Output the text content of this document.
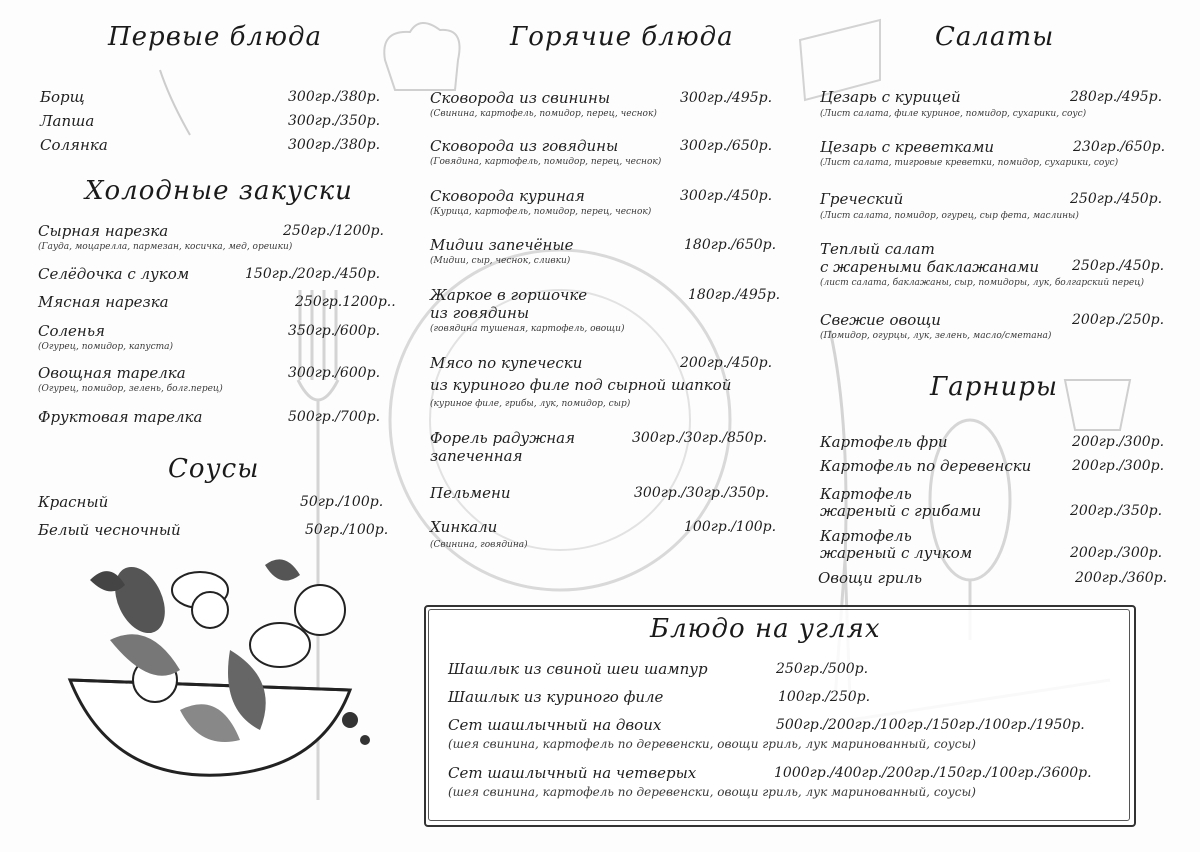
Первые блюда
Борщ	300гр./380р.
Лапша	300гр./350р.
Солянка	300гр./380р.
Холодные закуски
Сырная нарезка	250гр./1200р.
(Гауда, моцарелла, пармезан, косичка, мед, орешки)
Селёдочка с луком	150гр./20гр./450р.
Мясная нарезка	250гр.1200р..
Соленья	350гр./600р.
(Огурец, помидор, капуста)
Овощная тарелка	300гр./600р.
(Огурец, помидор, зелень, болг.перец)
Фруктовая тарелка	500гр./700р.
Соусы
Красный	50гр./100р.
Белый чесночный	50гр./100р.
Горячие блюда
Сковорода из свинины	300гр./495р.
(Свинина, картофель, помидор, перец, чеснок)
Сковорода из говядины	300гр./650р.
(Говядина, картофель, помидор, перец, чеснок)
Сковорода куриная	300гр./450р.
(Курица, картофель, помидор, перец, чеснок)
Мидии запечёные	180гр./650р.
(Мидии, сыр, чеснок, сливки)
Жаркое в горшочке	180гр./495р.
из говядины
(говядина тушеная, картофель, овощи)
Мясо по купечески	200гр./450р.
из куриного филе под сырной шапкой
(куриное филе, грибы, лук, помидор, сыр)
Форель радужная	300гр./30гр./850р.
запеченная
Пельмени	300гр./30гр./350р.
Хинкали	100гр./100р.
(Свинина, говядина)
Салаты
Цезарь с курицей	280гр./495р.
(Лист салата, филе куриное, помидор, сухарики, соус)
Цезарь с креветками	230гр./650р.
(Лист салата, тигровые креветки, помидор, сухарики, соус)
Греческий	250гр./450р.
(Лист салата, помидор, огурец, сыр фета, маслины)
Теплый салат
с жареными баклажанами 250гр./450р.
(лист салата, баклажаны, сыр, помидоры, лук, болгарский перец)
Свежие овощи	200гр./250р.
(Помидор, огурцы, лук, зелень, масло/сметана)
Гарниры
Картофель фри	200гр./300р.
Картофель по деревенски	200гр./300р.
Картофель
жареный с грибами	200гр./350р.
Картофель
жареный с лучком	200гр./300р.
Овощи гриль	200гр./360р.
Блюдо на углях
Шашлык из свиной шеи шампур	250гр./500р.
Шашлык из куриного филе	100гр./250р.
Сет шашлычный на двоих	500гр./200гр./100гр./150гр./100гр./1950р.
(шея свинина, картофель по деревенски, овощи гриль, лук маринованный, соусы)
Сет шашлычный на четверых	1000гр./400гр./200гр./150гр./100гр./3600р.
(шея свинина, картофель по деревенски, овощи гриль, лук маринованный, соусы)
